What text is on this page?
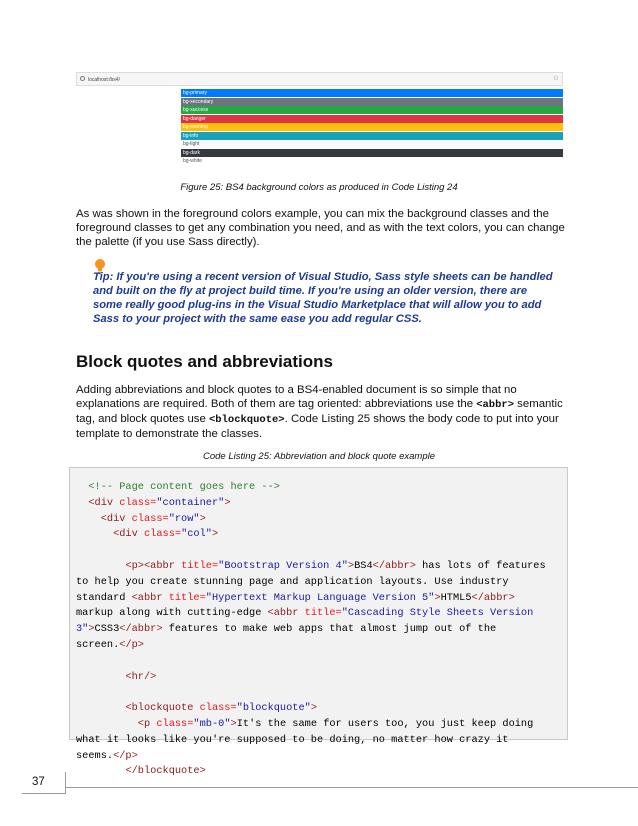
localhost:/bs4/	☆
bg-primary
bg-secondary
bg-success
bg-danger
bg-warning
bg-info
bg-light
bg-dark
bg-white
Figure 25: BS4 background colors as produced in Code Listing 24
As was shown in the foreground colors example, you can mix the background classes and the foreground classes to get any combination you need, and as with the text colors, you can change the palette (if you use Sass directly).
Tip: If you're using a recent version of Visual Studio, Sass style sheets can be handled and built on the fly at project build time. If you're using an older version, there are some really good plug-ins in the Visual Studio Marketplace that will allow you to add Sass to your project with the same ease you add regular CSS.
Block quotes and abbreviations
Adding abbreviations and block quotes to a BS4-enabled document is so simple that no explanations are required. Both of them are tag oriented: abbreviations use the <abbr> semantic tag, and block quotes use <blockquote>. Code Listing 25 shows the body code to put into your template to demonstrate the classes.
Code Listing 25: Abbreviation and block quote example
<!-- Page content goes here -->
<div class="container">
<div class="row">
<div class="col">

<p><abbr title="Bootstrap Version 4">BS4</abbr> has lots of features
to help you create stunning page and application layouts. Use industry
standard <abbr title="Hypertext Markup Language Version 5">HTML5</abbr>
markup along with cutting-edge <abbr title="Cascading Style Sheets Version
3">CSS3</abbr> features to make web apps that almost jump out of the
screen.</p>

<hr/>

<blockquote class="blockquote">
<p class="mb-0">It's the same for users too, you just keep doing
what it looks like you're supposed to be doing, no matter how crazy it
seems.</p>
</blockquote>
37
